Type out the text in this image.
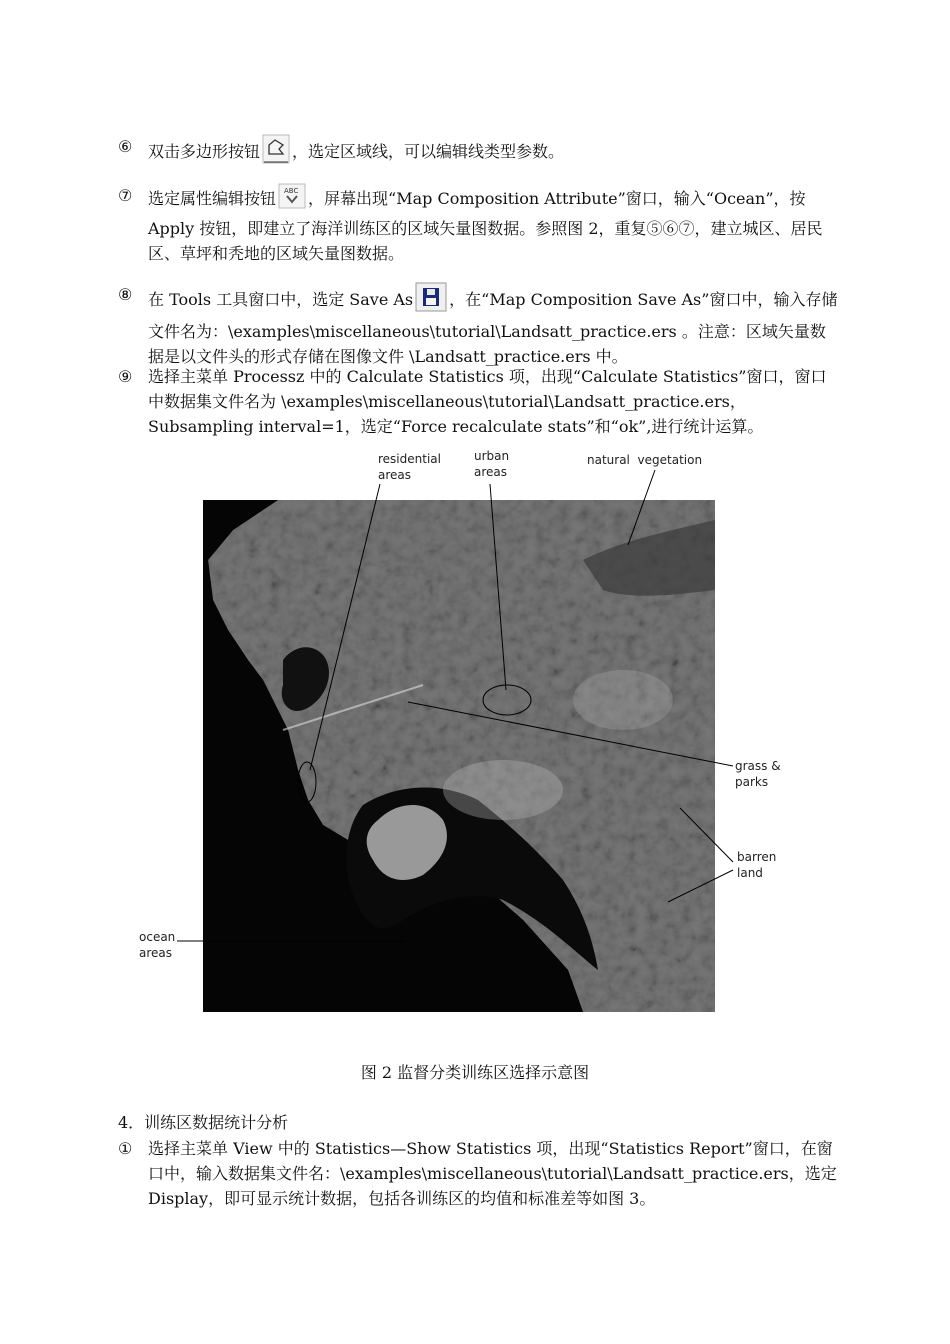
⑥ 双击多边形按钮 ，选定区域线，可以编辑线类型参数。
⑦ 选定属性编辑按钮 ABC ，屏幕出现“Map Composition Attribute”窗口，输入“Ocean”，按 Apply 按钮，即建立了海洋训练区的区域矢量图数据。参照图 2，重复⑤⑥⑦，建立城区、居民区、草坪和秃地的区域矢量图数据。
⑧ 在 Tools 工具窗口中，选定 Save As ，在“Map Composition Save As”窗口中，输入存储文件名为：\examples\miscellaneous\tutorial\Landsatt_practice.ers 。注意：区域矢量数据是以文件头的形式存储在图像文件 \Landsatt_practice.ers 中。
⑨ 选择主菜单 Processz 中的 Calculate Statistics 项，出现“Calculate Statistics”窗口，窗口中数据集文件名为 \examples\miscellaneous\tutorial\Landsatt_practice.ers，Subsampling interval=1，选定“Force recalculate stats”和“ok”,进行统计运算。
residential
areas
urban
areas
natural  vegetation
grass &
parks
barren
land
ocean
areas
图 2 监督分类训练区选择示意图
4．训练区数据统计分析
① 选择主菜单 View 中的 Statistics—Show Statistics 项，出现“Statistics Report”窗口，在窗口中，输入数据集文件名：\examples\miscellaneous\tutorial\Landsatt_practice.ers，选定 Display，即可显示统计数据，包括各训练区的均值和标准差等如图 3。
